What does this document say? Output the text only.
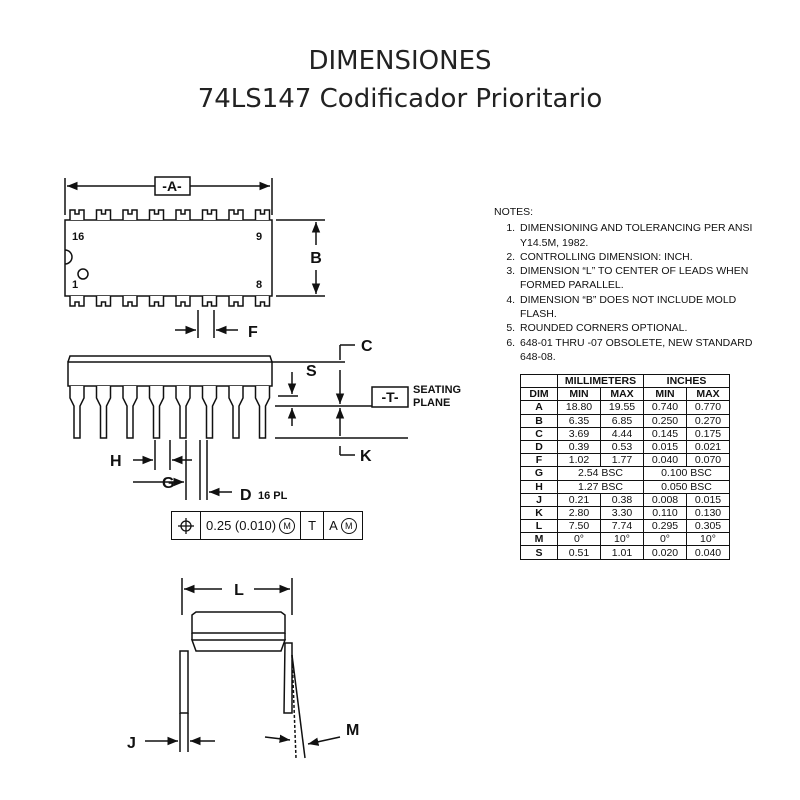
DIMENSIONES
74LS147 Codificador Prioritario
-A-
B
F
C
S
K
H
G
D 16 PL
L
J
M
SEATING
PLANE
16	9
1	8
-T-
0.25 (0.010) M	T A M
NOTES:
1. DIMENSIONING AND TOLERANCING PER ANSI Y14.5M, 1982.
2. CONTROLLING DIMENSION: INCH.
3. DIMENSION “L” TO CENTER OF LEADS WHEN FORMED PARALLEL.
4. DIMENSION “B” DOES NOT INCLUDE MOLD FLASH.
5. ROUNDED CORNERS OPTIONAL.
6. 648-01 THRU -07 OBSOLETE, NEW STANDARD 648-08.
	MILLIMETERS		INCHES	
DIM	MIN	MAX	MIN	MAX
A	18.80	19.55	0.740	0.770
B	6.35	6.85	0.250	0.270
C	3.69	4.44	0.145	0.175
D	0.39	0.53	0.015	0.021
F	1.02	1.77	0.040	0.070
G	2.54 BSC		0.100 BSC	
H	1.27 BSC		0.050 BSC	
J	0.21	0.38	0.008	0.015
K	2.80	3.30	0.110	0.130
L	7.50	7.74	0.295	0.305
M	0°	10°	0°	10°
S	0.51	1.01	0.020	0.040
